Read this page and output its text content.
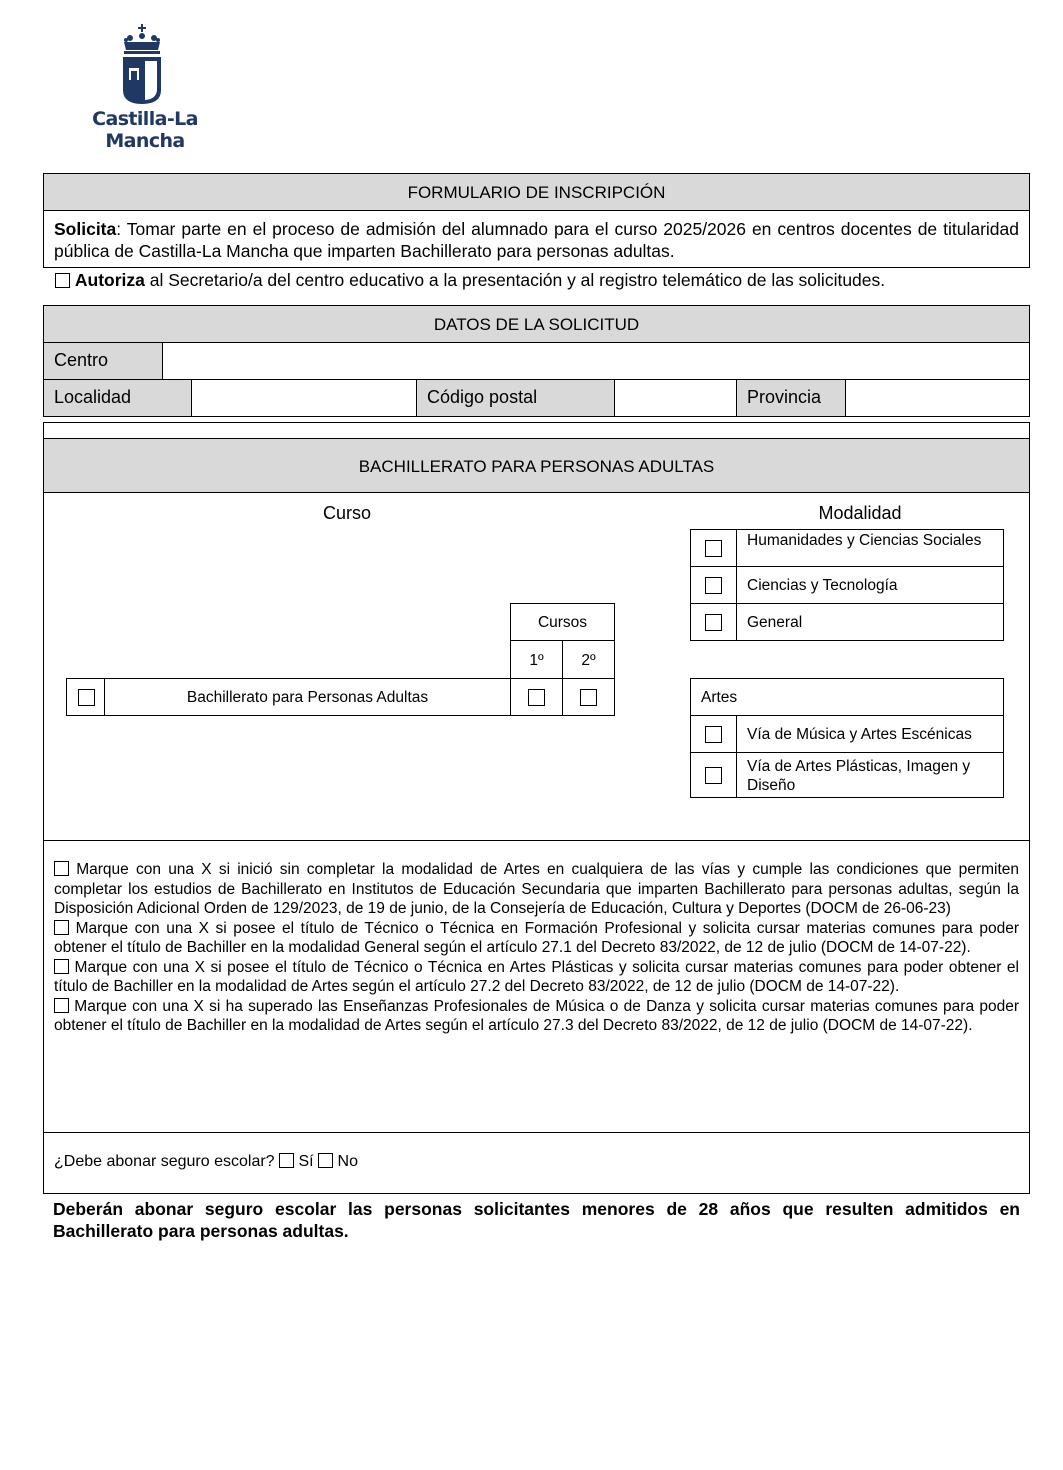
Castilla-La Mancha
FORMULARIO DE INSCRIPCIÓN
Solicita: Tomar parte en el proceso de admisión del alumnado para el curso 2025/2026 en centros docentes de titularidad pública de Castilla-La Mancha que imparten Bachillerato para personas adultas.
Autoriza al Secretario/a del centro educativo a la presentación y al registro telemático de las solicitudes.
DATOS DE LA SOLICITUD
Centro
Localidad	Código postal	Provincia
BACHILLERATO PARA PERSONAS ADULTAS
Curso	Modalidad
Cursos
1º	2º
Bachillerato para Personas Adultas
Humanidades y Ciencias Sociales
Ciencias y Tecnología
General
Artes
Vía de Música y Artes Escénicas
Vía de Artes Plásticas, Imagen y Diseño
Marque con una X si inició sin completar la modalidad de Artes en cualquiera de las vías y cumple las condiciones que permiten completar los estudios de Bachillerato en Institutos de Educación Secundaria que imparten Bachillerato para personas adultas, según la Disposición Adicional Orden de 129/2023, de 19 de junio, de la Consejería de Educación, Cultura y Deportes (DOCM de 26-06-23)
Marque con una X si posee el título de Técnico o Técnica en Formación Profesional y solicita cursar materias comunes para poder obtener el título de Bachiller en la modalidad General según el artículo 27.1 del Decreto 83/2022, de 12 de julio (DOCM de 14-07-22).
Marque con una X si posee el título de Técnico o Técnica en Artes Plásticas y solicita cursar materias comunes para poder obtener el título de Bachiller en la modalidad de Artes según el artículo 27.2 del Decreto 83/2022, de 12 de julio (DOCM de 14-07-22).
Marque con una X si ha superado las Enseñanzas Profesionales de Música o de Danza y solicita cursar materias comunes para poder obtener el título de Bachiller en la modalidad de Artes según el artículo 27.3 del Decreto 83/2022, de 12 de julio (DOCM de 14-07-22).
¿Debe abonar seguro escolar? Sí No
Deberán abonar seguro escolar las personas solicitantes menores de 28 años que resulten admitidos en Bachillerato para personas adultas.
